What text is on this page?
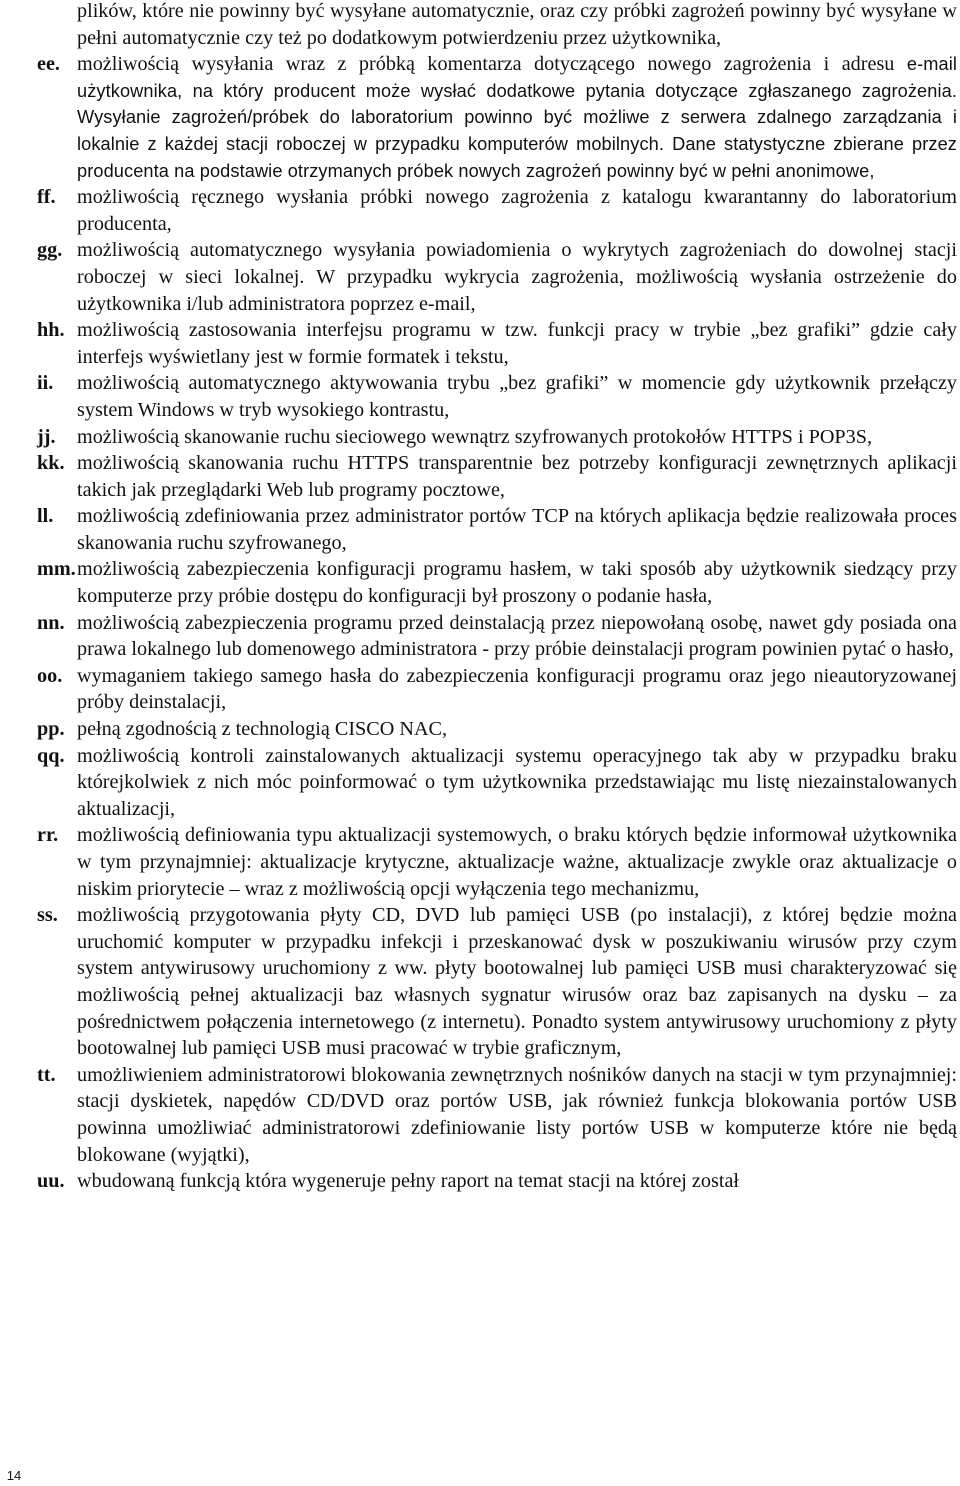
plików, które nie powinny być wysyłane automatycznie, oraz czy próbki zagrożeń powinny być wysyłane w pełni automatycznie czy też po dodatkowym potwierdzeniu przez użytkownika,

ee. możliwością wysyłania wraz z próbką komentarza dotyczącego nowego zagrożenia i adresu e-mail użytkownika, na który producent może wysłać dodatkowe pytania dotyczące zgłaszanego zagrożenia. Wysyłanie zagrożeń/próbek do laboratorium powinno być możliwe z serwera zdalnego zarządzania i lokalnie z każdej stacji roboczej w przypadku komputerów mobilnych. Dane statystyczne zbierane przez producenta na podstawie otrzymanych próbek nowych zagrożeń powinny być w pełni anonimowe,

ff. możliwością ręcznego wysłania próbki nowego zagrożenia z katalogu kwarantanny do laboratorium producenta,

gg. możliwością automatycznego wysyłania powiadomienia o wykrytych zagrożeniach do dowolnej stacji roboczej w sieci lokalnej. W przypadku wykrycia zagrożenia, możliwością wysłania ostrzeżenie do użytkownika i/lub administratora poprzez e-mail,

hh. możliwością zastosowania interfejsu programu w tzw. funkcji pracy w trybie „bez grafiki” gdzie cały interfejs wyświetlany jest w formie formatek i tekstu,

ii. możliwością automatycznego aktywowania trybu „bez grafiki” w momencie gdy użytkownik przełączy system Windows w tryb wysokiego kontrastu,

jj. możliwością skanowanie ruchu sieciowego wewnątrz szyfrowanych protokołów HTTPS i POP3S,

kk. możliwością skanowania ruchu HTTPS transparentnie bez potrzeby konfiguracji zewnętrznych aplikacji takich jak przeglądarki Web lub programy pocztowe,

ll. możliwością zdefiniowania przez administrator portów TCP na których aplikacja będzie realizowała proces skanowania ruchu szyfrowanego,

mm. możliwością zabezpieczenia konfiguracji programu hasłem, w taki sposób aby użytkownik siedzący przy komputerze przy próbie dostępu do konfiguracji był proszony o podanie hasła,

nn. możliwością zabezpieczenia programu przed deinstalacją przez niepowołaną osobę, nawet gdy posiada ona prawa lokalnego lub domenowego administratora - przy próbie deinstalacji program powinien pytać o hasło,

oo. wymaganiem takiego samego hasła do zabezpieczenia konfiguracji programu oraz jego nieautoryzowanej próby deinstalacji,

pp. pełną zgodnością z technologią CISCO NAC,

qq. możliwością kontroli zainstalowanych aktualizacji systemu operacyjnego tak aby w przypadku braku którejkolwiek z nich móc poinformować o tym użytkownika przedstawiając mu listę niezainstalowanych aktualizacji,

rr. możliwością definiowania typu aktualizacji systemowych, o braku których będzie informował użytkownika w tym przynajmniej: aktualizacje krytyczne, aktualizacje ważne, aktualizacje zwykle oraz aktualizacje o niskim priorytecie – wraz z możliwością opcji wyłączenia tego mechanizmu,

ss. możliwością przygotowania płyty CD, DVD lub pamięci USB (po instalacji), z której będzie można uruchomić komputer w przypadku infekcji i przeskanować dysk w poszukiwaniu wirusów przy czym system antywirusowy uruchomiony z ww. płyty bootowalnej lub pamięci USB musi charakteryzować się możliwością pełnej aktualizacji baz własnych sygnatur wirusów oraz baz zapisanych na dysku – za pośrednictwem połączenia internetowego (z internetu). Ponadto system antywirusowy uruchomiony z płyty bootowalnej lub pamięci USB musi pracować w trybie graficznym,

tt. umożliwieniem administratorowi blokowania zewnętrznych nośników danych na stacji w tym przynajmniej: stacji dyskietek, napędów CD/DVD oraz portów USB, jak również funkcja blokowania portów USB powinna umożliwiać administratorowi zdefiniowanie listy portów USB w komputerze które nie będą blokowane (wyjątki),

uu. wbudowaną funkcją która wygeneruje pełny raport na temat stacji na której został

14
